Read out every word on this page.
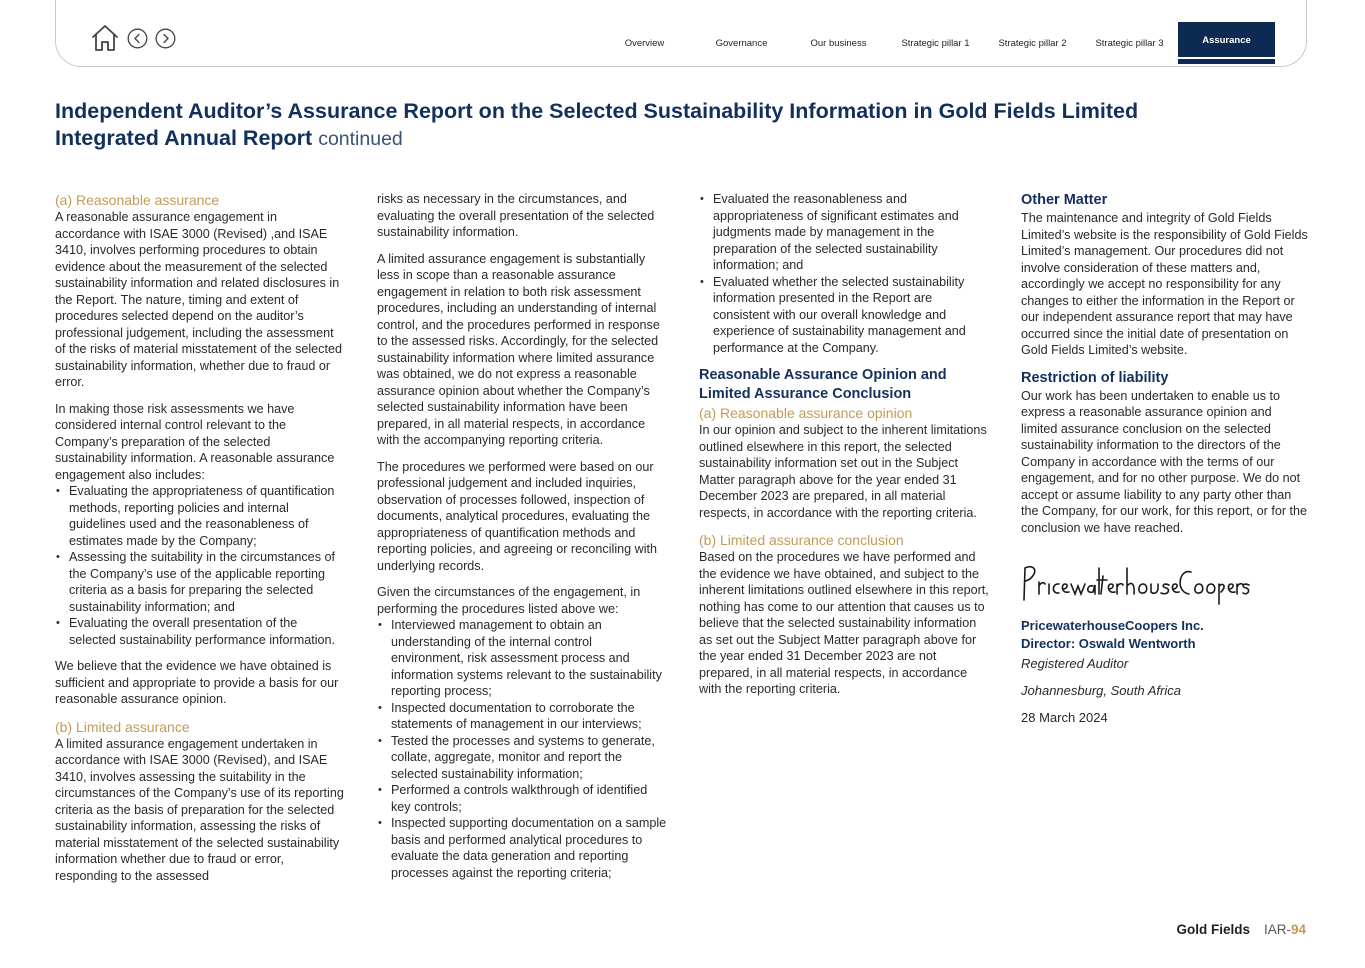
Overview	Governance	Our business	Strategic pillar 1	Strategic pillar 2	Strategic pillar 3	Assurance
Independent Auditor’s Assurance Report on the Selected Sustainability Information in Gold Fields Limited Integrated Annual Report continued
(a) Reasonable assurance

A reasonable assurance engagement in accordance with ISAE 3000 (Revised) ,and ISAE 3410, involves performing procedures to obtain evidence about the measurement of the selected sustainability information and related disclosures in the Report. The nature, timing and extent of procedures selected depend on the auditor’s professional judgement, including the assessment of the risks of material misstatement of the selected sustainability information, whether due to fraud or error.

In making those risk assessments we have considered internal control relevant to the Company’s preparation of the selected sustainability information. A reasonable assurance engagement also includes:

• Evaluating the appropriateness of quantification methods, reporting policies and internal guidelines used and the reasonableness of estimates made by the Company;
• Assessing the suitability in the circumstances of the Company’s use of the applicable reporting criteria as a basis for preparing the selected sustainability information; and
• Evaluating the overall presentation of the selected sustainability performance information.

We believe that the evidence we have obtained is sufficient and appropriate to provide a basis for our reasonable assurance opinion.

(b) Limited assurance

A limited assurance engagement undertaken in accordance with ISAE 3000 (Revised), and ISAE 3410, involves assessing the suitability in the circumstances of the Company’s use of its reporting criteria as the basis of preparation for the selected sustainability information, assessing the risks of material misstatement of the selected sustainability information whether due to fraud or error, responding to the assessed

risks as necessary in the circumstances, and evaluating the overall presentation of the selected sustainability information.

A limited assurance engagement is substantially less in scope than a reasonable assurance engagement in relation to both risk assessment procedures, including an understanding of internal control, and the procedures performed in response to the assessed risks. Accordingly, for the selected sustainability information where limited assurance was obtained, we do not express a reasonable assurance opinion about whether the Company’s selected sustainability information have been prepared, in all material respects, in accordance with the accompanying reporting criteria.

The procedures we performed were based on our professional judgement and included inquiries, observation of processes followed, inspection of documents, analytical procedures, evaluating the appropriateness of quantification methods and reporting policies, and agreeing or reconciling with underlying records.

Given the circumstances of the engagement, in performing the procedures listed above we:

• Interviewed management to obtain an understanding of the internal control environment, risk assessment process and information systems relevant to the sustainability reporting process;
• Inspected documentation to corroborate the statements of management in our interviews;
• Tested the processes and systems to generate, collate, aggregate, monitor and report the selected sustainability information;
• Performed a controls walkthrough of identified key controls;
• Inspected supporting documentation on a sample basis and performed analytical procedures to evaluate the data generation and reporting processes against the reporting criteria;
• Evaluated the reasonableness and appropriateness of significant estimates and judgments made by management in the preparation of the selected sustainability information; and
• Evaluated whether the selected sustainability information presented in the Report are consistent with our overall knowledge and experience of sustainability management and performance at the Company.
Reasonable Assurance Opinion and Limited Assurance Conclusion
(a) Reasonable assurance opinion

In our opinion and subject to the inherent limitations outlined elsewhere in this report, the selected sustainability information set out in the Subject Matter paragraph above for the year ended 31 December 2023 are prepared, in all material respects, in accordance with the reporting criteria.

(b) Limited assurance conclusion

Based on the procedures we have performed and the evidence we have obtained, and subject to the inherent limitations outlined elsewhere in this report, nothing has come to our attention that causes us to believe that the selected sustainability information as set out the Subject Matter paragraph above for the year ended 31 December 2023 are not prepared, in all material respects, in accordance with the reporting criteria.

Other Matter

The maintenance and integrity of Gold Fields Limited’s website is the responsibility of Gold Fields Limited’s management. Our procedures did not involve consideration of these matters and, accordingly we accept no responsibility for any changes to either the information in the Report or our independent assurance report that may have occurred since the initial date of presentation on Gold Fields Limited’s website.

Restriction of liability

Our work has been undertaken to enable us to express a reasonable assurance opinion and limited assurance conclusion on the selected sustainability information to the directors of the Company in accordance with the terms of our engagement, and for no other purpose. We do not accept or assume liability to any party other than the Company, for our work, for this report, or for the conclusion we have reached.

PricewaterhouseCoopers Inc.
Director: Oswald Wentworth
Registered Auditor
Johannesburg, South Africa
28 March 2024
Gold Fields IAR-94
